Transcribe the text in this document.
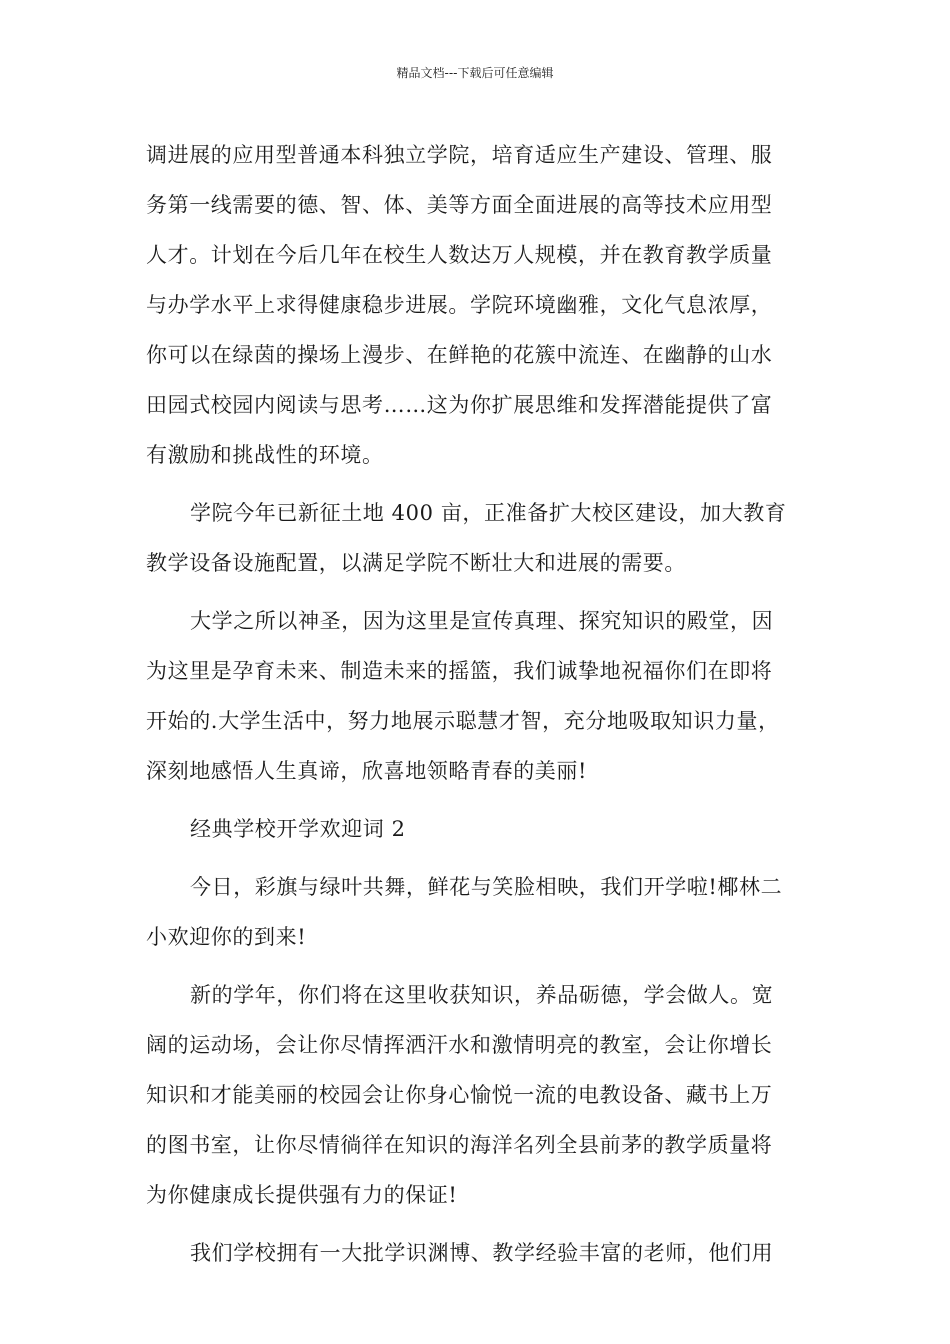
精品文档---下载后可任意编辑
调进展的应用型普通本科独立学院，培育适应生产建设、管理、服
务第一线需要的德、智、体、美等方面全面进展的高等技术应用型
人才。计划在今后几年在校生人数达万人规模，并在教育教学质量
与办学水平上求得健康稳步进展。学院环境幽雅，文化气息浓厚，
你可以在绿茵的操场上漫步、在鲜艳的花簇中流连、在幽静的山水
田园式校园内阅读与思考……这为你扩展思维和发挥潜能提供了富
有激励和挑战性的环境。
学院今年已新征土地 400 亩，正准备扩大校区建设，加大教育
教学设备设施配置，以满足学院不断壮大和进展的需要。
大学之所以神圣，因为这里是宣传真理、探究知识的殿堂，因
为这里是孕育未来、制造未来的摇篮，我们诚挚地祝福你们在即将
开始的.大学生活中，努力地展示聪慧才智，充分地吸取知识力量，
深刻地感悟人生真谛，欣喜地领略青春的美丽!
经典学校开学欢迎词 2
今日，彩旗与绿叶共舞，鲜花与笑脸相映，我们开学啦!椰林二
小欢迎你的到来!
新的学年，你们将在这里收获知识，养品砺德，学会做人。宽
阔的运动场，会让你尽情挥洒汗水和激情明亮的教室，会让你增长
知识和才能美丽的校园会让你身心愉悦一流的电教设备、藏书上万
的图书室，让你尽情徜徉在知识的海洋名列全县前茅的教学质量将
为你健康成长提供强有力的保证!
我们学校拥有一大批学识渊博、教学经验丰富的老师，他们用
